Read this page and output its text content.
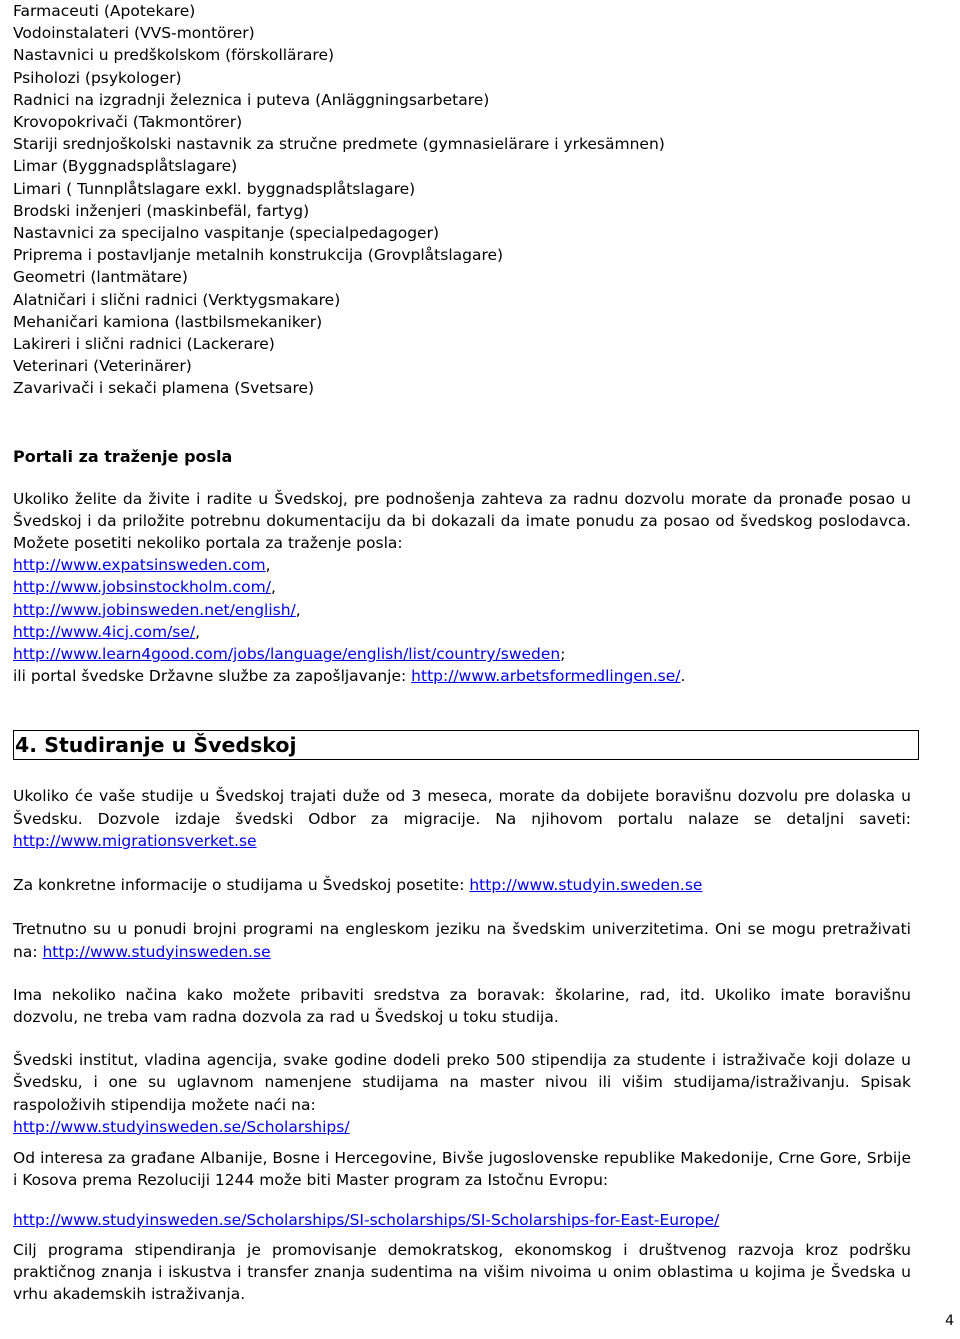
Farmaceuti (Apotekare)
Vodoinstalateri (VVS-montörer)
Nastavnici u predškolskom (förskollärare)
Psiholozi (psykologer)
Radnici na izgradnji železnica i puteva (Anläggningsarbetare)
Krovopokrivači (Takmontörer)
Stariji srednjoškolski nastavnik za stručne predmete (gymnasielärare i yrkesämnen)
Limar (Byggnadsplåtslagare)
Limari ( Tunnplåtslagare exkl. byggnadsplåtslagare)
Brodski inženjeri (maskinbefäl, fartyg)
Nastavnici za specijalno vaspitanje (specialpedagoger)
Priprema i postavljanje metalnih konstrukcija (Grovplåtslagare)
Geometri (lantmätare)
Alatničari i slični radnici (Verktygsmakare)
Mehaničari kamiona (lastbilsmekaniker)
Lakireri i slični radnici (Lackerare)
Veterinari (Veterinärer)
Zavarivači i sekači plamena (Svetsare)
Portali za traženje posla

Ukoliko želite da živite i radite u Švedskoj, pre podnošenja zahteva za radnu dozvolu morate da pronađe posao u Švedskoj i da priložite potrebnu dokumentaciju da bi dokazali da imate ponudu za posao od švedskog poslodavca. Možete posetiti nekoliko portala za traženje posla:

http://www.expatsinsweden.com,
http://www.jobsinstockholm.com/,
http://www.jobinsweden.net/english/,
http://www.4icj.com/se/,
http://www.learn4good.com/jobs/language/english/list/country/sweden;
ili portal švedske Državne službe za zapošljavanje: http://www.arbetsformedlingen.se/.
4. Studiranje u Švedskoj

Ukoliko će vaše studije u Švedskoj trajati duže od 3 meseca, morate da dobijete boravišnu dozvolu pre dolaska u Švedsku. Dozvole izdaje švedski Odbor za migracije. Na njihovom portalu nalaze se detaljni saveti: http://www.migrationsverket.se

Za konkretne informacije o studijama u Švedskoj posetite: http://www.studyin.sweden.se

Tretnutno su u ponudi brojni programi na engleskom jeziku na švedskim univerzitetima. Oni se mogu pretraživati na: http://www.studyinsweden.se

Ima nekoliko načina kako možete pribaviti sredstva za boravak: školarine, rad, itd. Ukoliko imate boravišnu dozvolu, ne treba vam radna dozvola za rad u Švedskoj u toku studija.

Švedski institut, vladina agencija, svake godine dodeli preko 500 stipendija za studente i istraživače koji dolaze u Švedsku, i one su uglavnom namenjene studijama na master nivou ili višim studijama/istraživanju. Spisak raspoloživih stipendija možete naći na:
http://www.studyinsweden.se/Scholarships/

Od interesa za građane Albanije, Bosne i Hercegovine, Bivše jugoslovenske republike Makedonije, Crne Gore, Srbije i Kosova prema Rezoluciji 1244 može biti Master program za Istočnu Evropu:

http://www.studyinsweden.se/Scholarships/SI-scholarships/SI-Scholarships-for-East-Europe/

Cilj programa stipendiranja je promovisanje demokratskog, ekonomskog i društvenog razvoja kroz podršku praktičnog znanja i iskustva i transfer znanja sudentima na višim nivoima u onim oblastima u kojima je Švedska u vrhu akademskih istraživanja.

4
